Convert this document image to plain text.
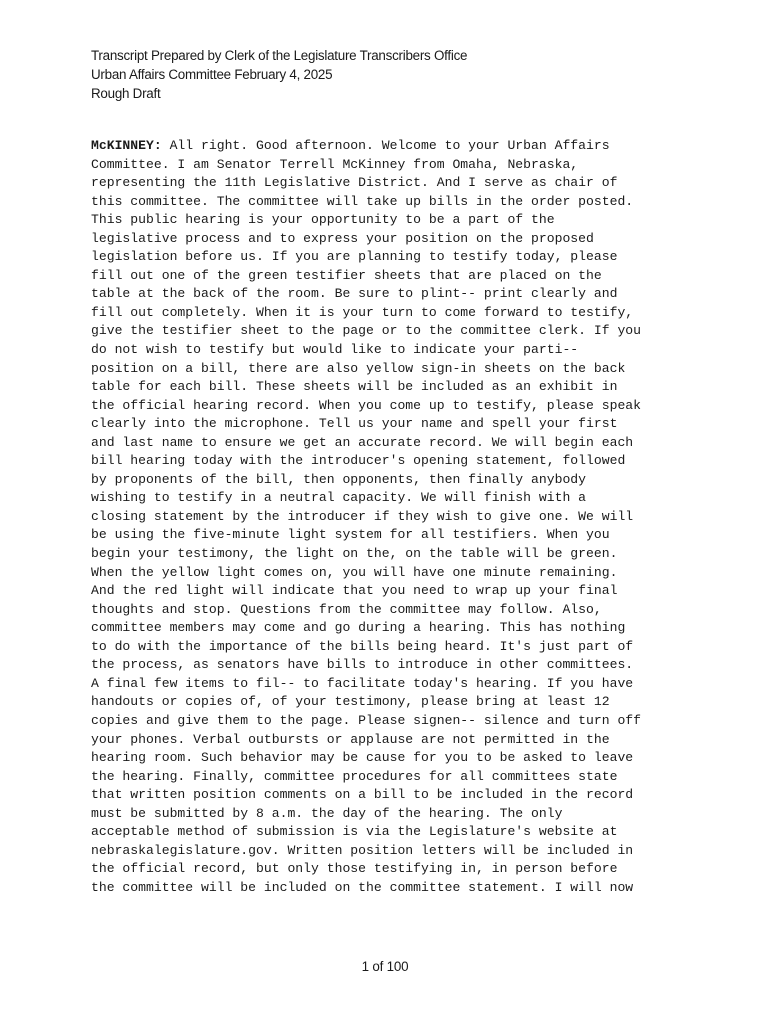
Transcript Prepared by Clerk of the Legislature Transcribers Office
Urban Affairs Committee February 4, 2025
Rough Draft
McKINNEY: All right. Good afternoon. Welcome to your Urban Affairs
Committee. I am Senator Terrell McKinney from Omaha, Nebraska,
representing the 11th Legislative District. And I serve as chair of
this committee. The committee will take up bills in the order posted.
This public hearing is your opportunity to be a part of the
legislative process and to express your position on the proposed
legislation before us. If you are planning to testify today, please
fill out one of the green testifier sheets that are placed on the
table at the back of the room. Be sure to plint-- print clearly and
fill out completely. When it is your turn to come forward to testify,
give the testifier sheet to the page or to the committee clerk. If you
do not wish to testify but would like to indicate your parti--
position on a bill, there are also yellow sign-in sheets on the back
table for each bill. These sheets will be included as an exhibit in
the official hearing record. When you come up to testify, please speak
clearly into the microphone. Tell us your name and spell your first
and last name to ensure we get an accurate record. We will begin each
bill hearing today with the introducer's opening statement, followed
by proponents of the bill, then opponents, then finally anybody
wishing to testify in a neutral capacity. We will finish with a
closing statement by the introducer if they wish to give one. We will
be using the five-minute light system for all testifiers. When you
begin your testimony, the light on the, on the table will be green.
When the yellow light comes on, you will have one minute remaining.
And the red light will indicate that you need to wrap up your final
thoughts and stop. Questions from the committee may follow. Also,
committee members may come and go during a hearing. This has nothing
to do with the importance of the bills being heard. It's just part of
the process, as senators have bills to introduce in other committees.
A final few items to fil-- to facilitate today's hearing. If you have
handouts or copies of, of your testimony, please bring at least 12
copies and give them to the page. Please signen-- silence and turn off
your phones. Verbal outbursts or applause are not permitted in the
hearing room. Such behavior may be cause for you to be asked to leave
the hearing. Finally, committee procedures for all committees state
that written position comments on a bill to be included in the record
must be submitted by 8 a.m. the day of the hearing. The only
acceptable method of submission is via the Legislature's website at
nebraskalegislature.gov. Written position letters will be included in
the official record, but only those testifying in, in person before
the committee will be included on the committee statement. I will now
1 of 100
